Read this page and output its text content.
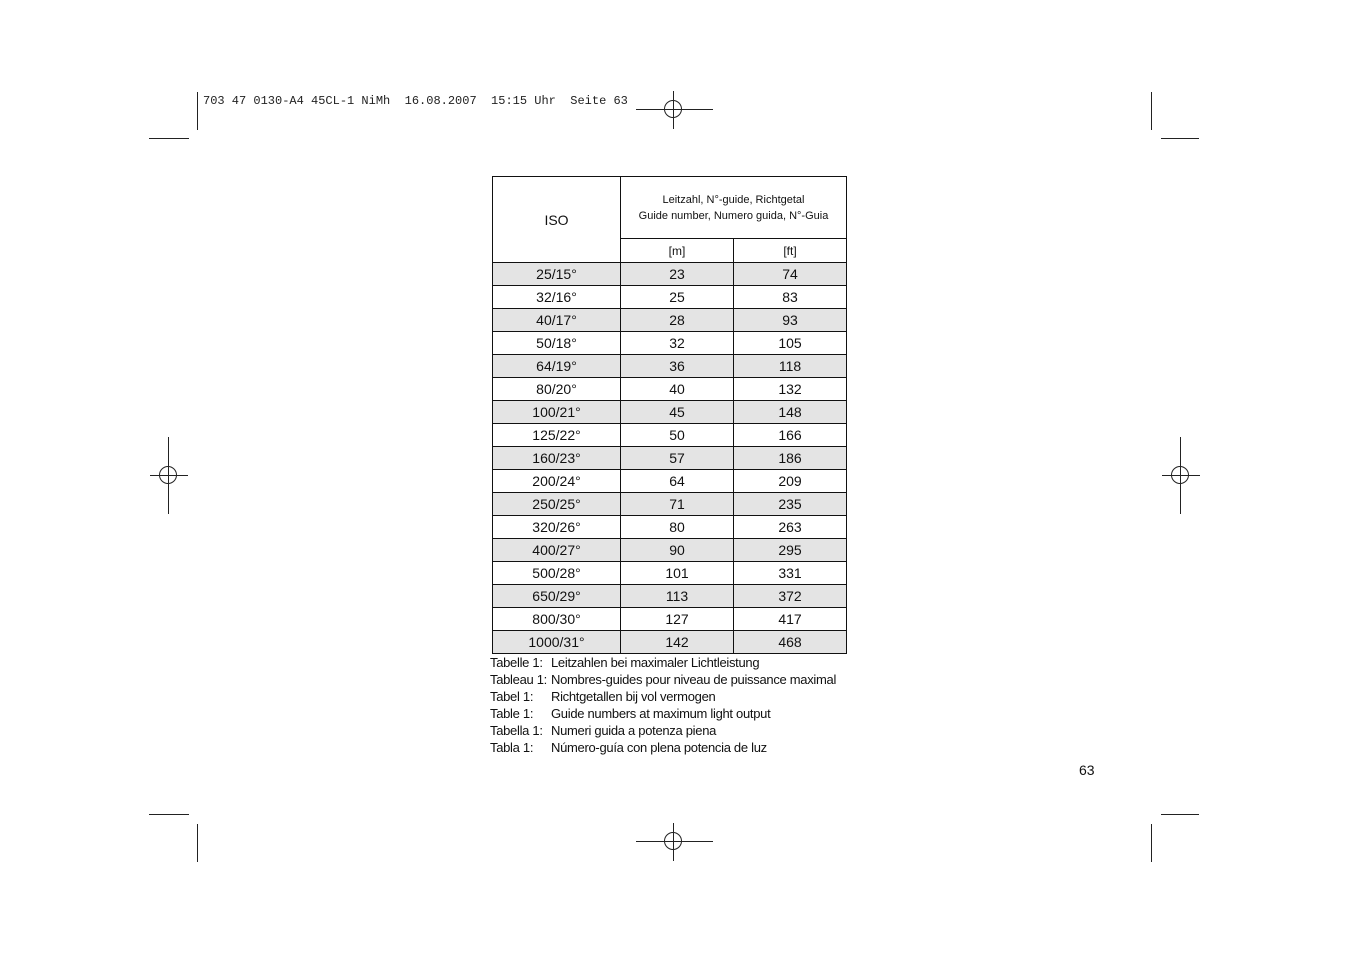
703 47 0130-A4 45CL-1 NiMh  16.08.2007  15:15 Uhr  Seite 63
ISO	Leitzahl, N°-guide, Richtgetal
Guide number, Numero guida, N°-Guia	
	[m]	[ft]
25/15°	23	74
32/16°	25	83
40/17°	28	93
50/18°	32	105
64/19°	36	118
80/20°	40	132
100/21°	45	148
125/22°	50	166
160/23°	57	186
200/24°	64	209
250/25°	71	235
320/26°	80	263
400/27°	90	295
500/28°	101	331
650/29°	113	372
800/30°	127	417
1000/31°	142	468
Tabelle 1: Leitzahlen bei maximaler Lichtleistung
Tableau 1: Nombres-guides pour niveau de puissance maximal
Tabel 1:	Richtgetallen bij vol vermogen
Table 1:	Guide numbers at maximum light output
Tabella 1: Numeri guida a potenza piena
Tabla 1:	Número-guía con plena potencia de luz
63
